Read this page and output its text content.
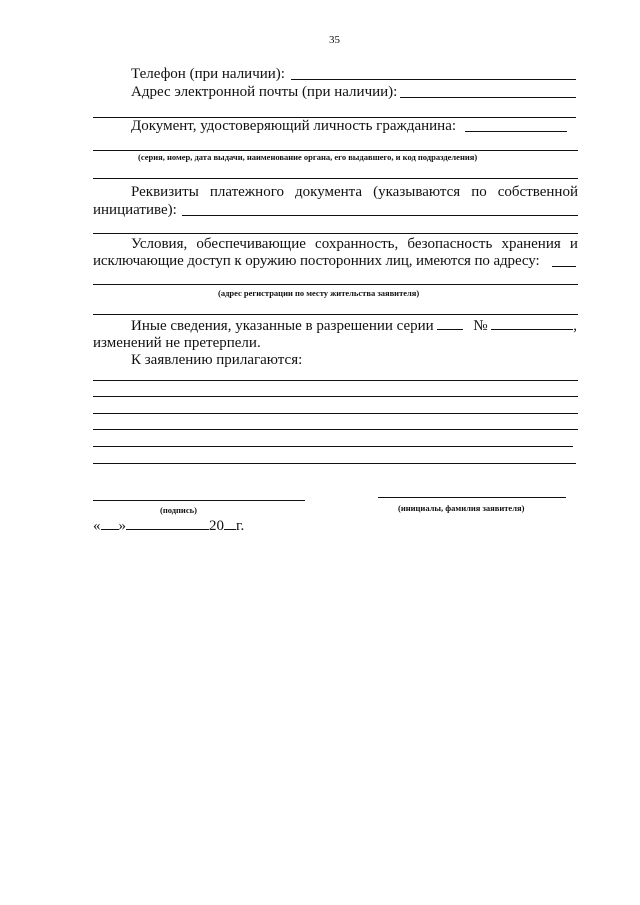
35
Телефон (при наличии):
Адрес электронной почты (при наличии):
Документ, удостоверяющий личность гражданина:
(серия, номер, дата выдачи, наименование органа, его выдавшего, и код подразделения)
Реквизиты платежного документа (указываются по собственной
инициативе):
Условия, обеспечивающие сохранность, безопасность хранения и
исключающие доступ к оружию посторонних лиц, имеются по адресу:
(адрес регистрации по месту жительства заявителя)
Иные сведения, указанные в разрешении серии	№	,
изменений не претерпели.
К заявлению прилагаются:
(подпись)	(инициалы, фамилия заявителя)
« »	20 г.
